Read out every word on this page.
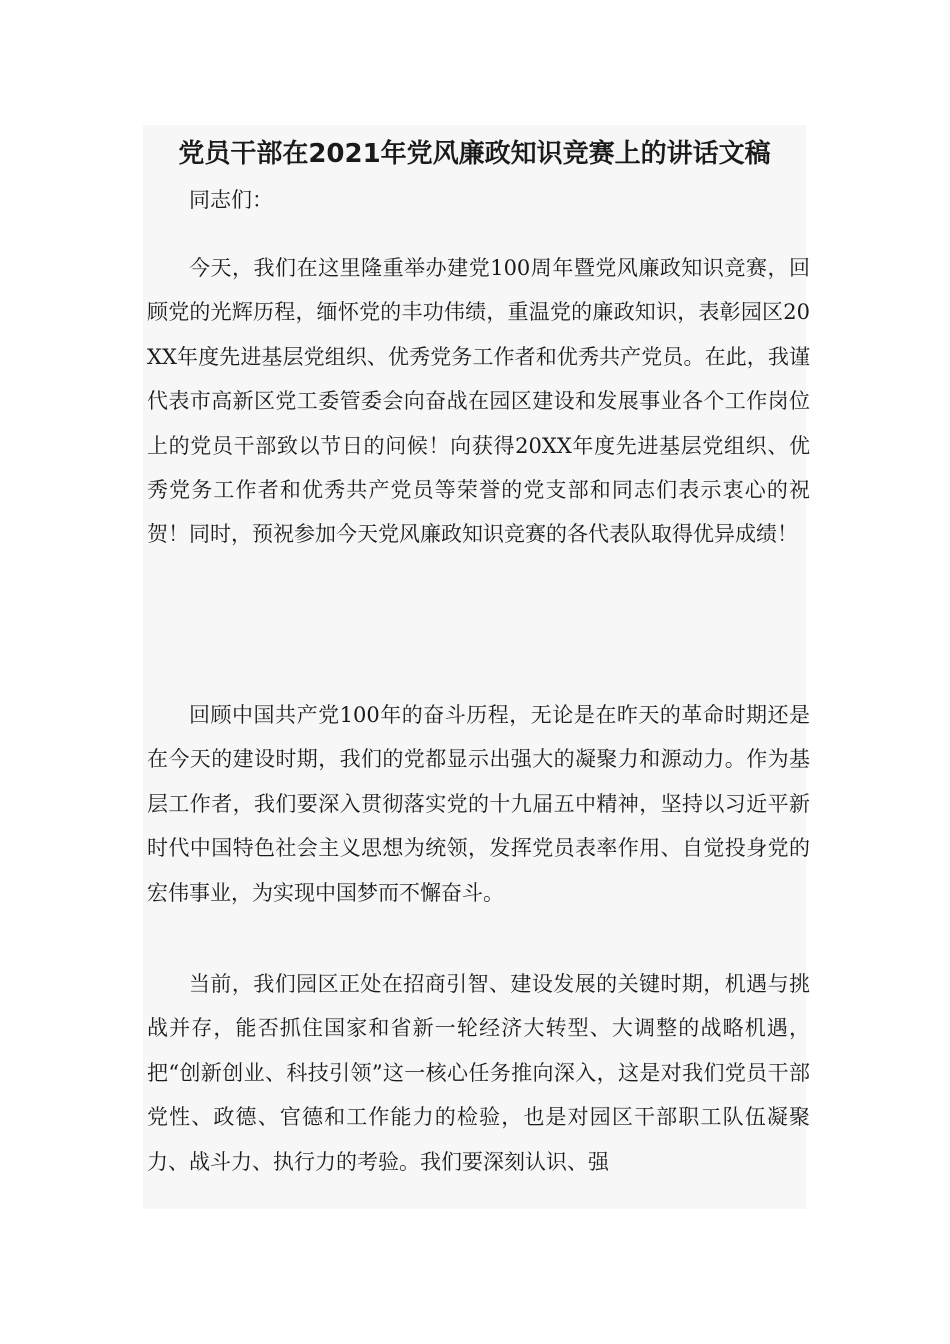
党员干部在2021年党风廉政知识竞赛上的讲话文稿

同志们：

今天，我们在这里隆重举办建党100周年暨党风廉政知识竞赛，回顾党的光辉历程，缅怀党的丰功伟绩，重温党的廉政知识，表彰园区20XX年度先进基层党组织、优秀党务工作者和优秀共产党员。在此，我谨代表市高新区党工委管委会向奋战在园区建设和发展事业各个工作岗位上的党员干部致以节日的问候！向获得20XX年度先进基层党组织、优秀党务工作者和优秀共产党员等荣誉的党支部和同志们表示衷心的祝贺！同时，预祝参加今天党风廉政知识竞赛的各代表队取得优异成绩！

回顾中国共产党100年的奋斗历程，无论是在昨天的革命时期还是在今天的建设时期，我们的党都显示出强大的凝聚力和源动力。作为基层工作者，我们要深入贯彻落实党的十九届五中精神，坚持以习近平新时代中国特色社会主义思想为统领，发挥党员表率作用、自觉投身党的宏伟事业，为实现中国梦而不懈奋斗。

当前，我们园区正处在招商引智、建设发展的关键时期，机遇与挑战并存，能否抓住国家和省新一轮经济大转型、大调整的战略机遇，把“创新创业、科技引领”这一核心任务推向深入，这是对我们党员干部党性、政德、官德和工作能力的检验，也是对园区干部职工队伍凝聚力、战斗力、执行力的考验。我们要深刻认识、强
